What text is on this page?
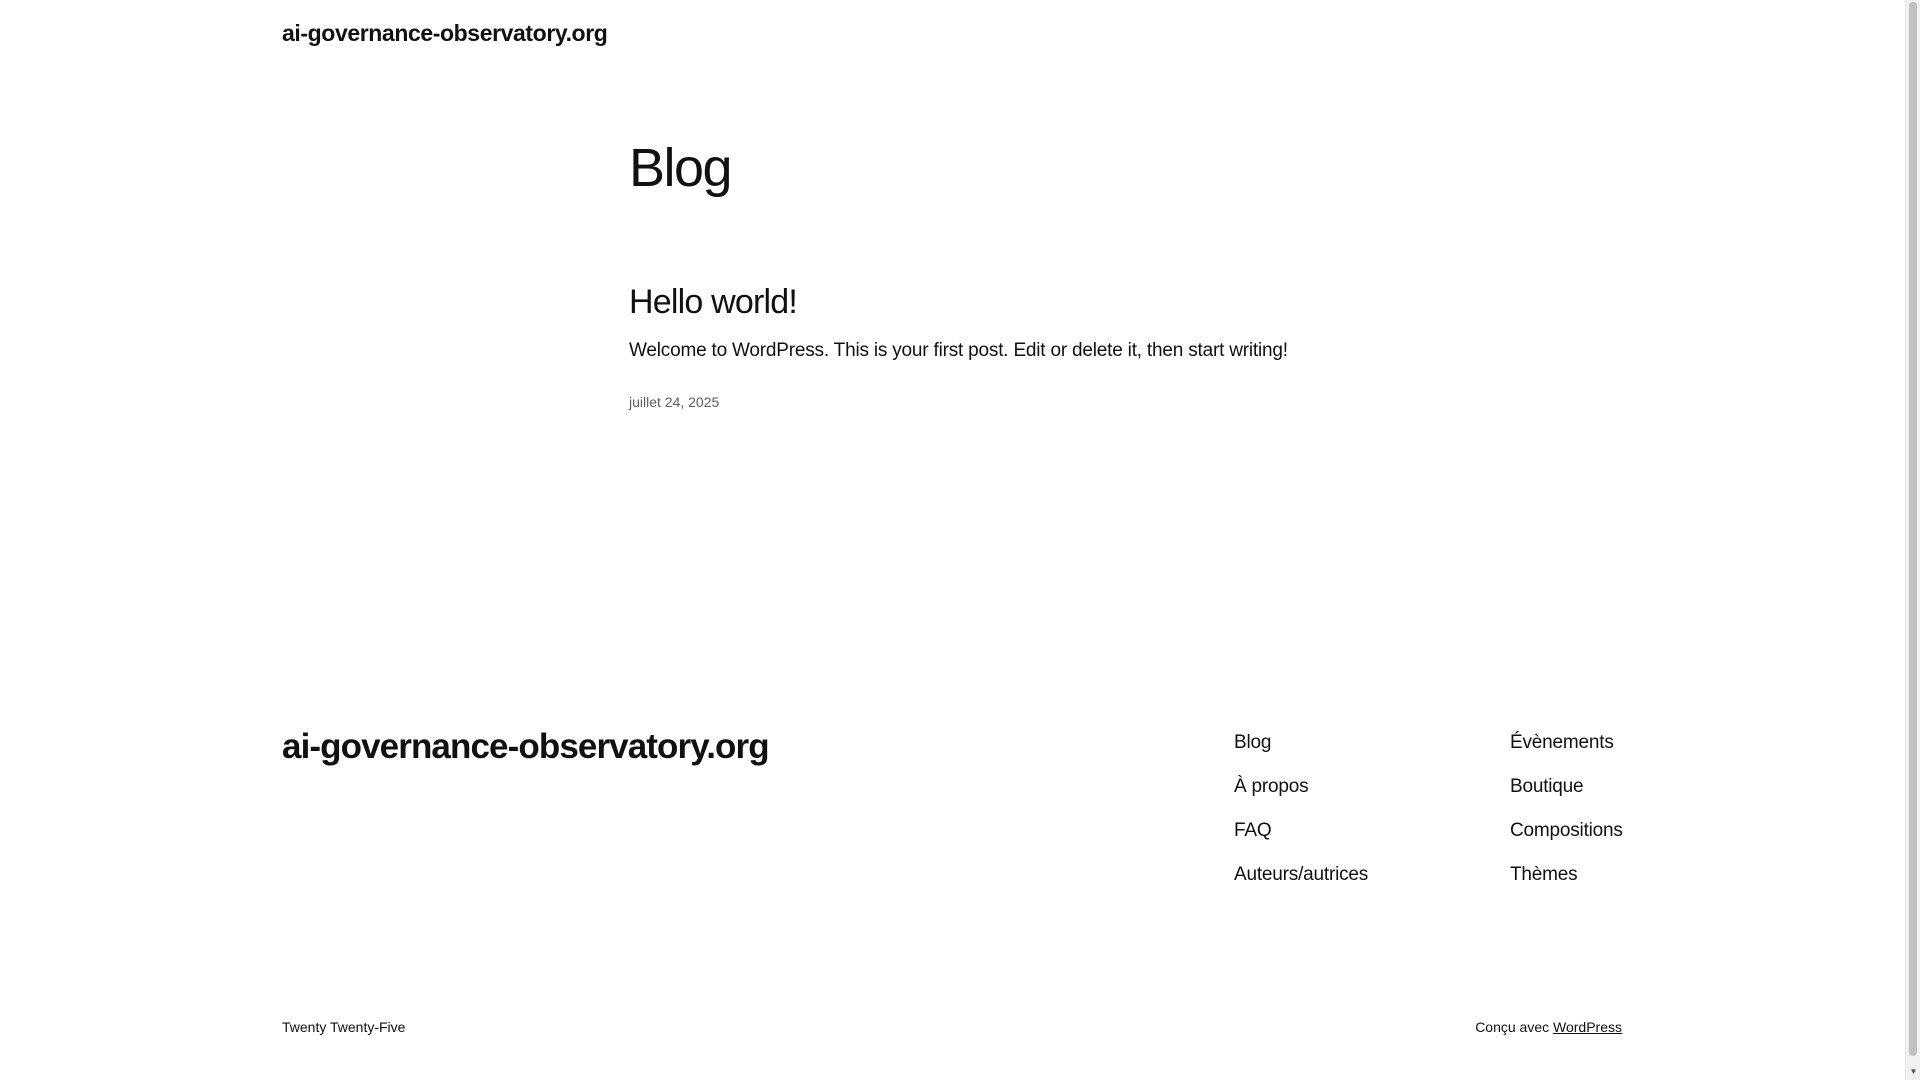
ai-governance-observatory.org
Blog
Hello world!

Welcome to WordPress. This is your first post. Edit or delete it, then start writing!

juillet 24, 2025
ai-governance-observatory.org	Blog
À propos
FAQ
Auteurs/autrices
Évènements
Boutique
Compositions
Thèmes
Twenty Twenty-Five	Conçu avec WordPress
▼
